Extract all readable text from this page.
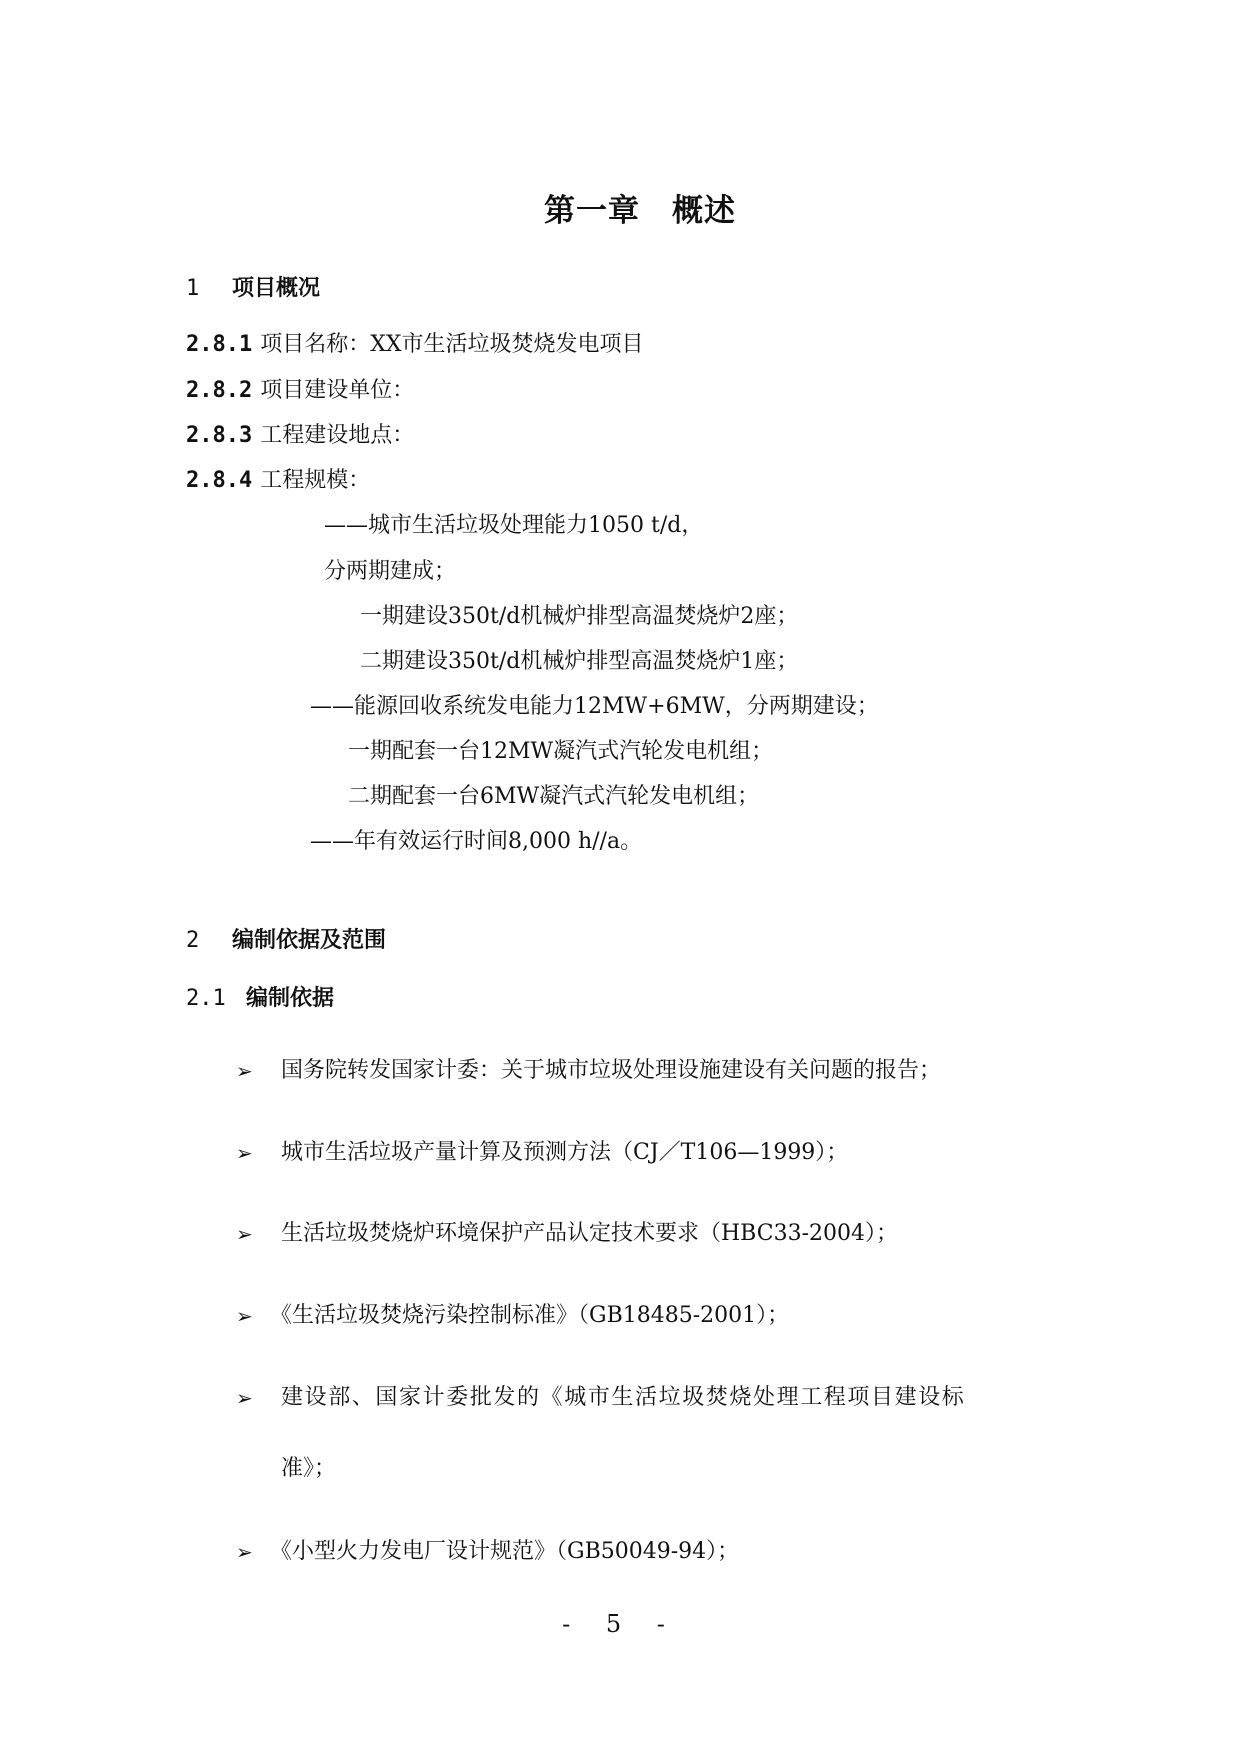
第一章 概述
1 项目概况
2.8.1 项目名称：XX市生活垃圾焚烧发电项目
2.8.2 项目建设单位：
2.8.3 工程建设地点：
2.8.4 工程规模：
——城市生活垃圾处理能力1050 t/d，
分两期建成；
一期建设350t/d机械炉排型高温焚烧炉2座；
二期建设350t/d机械炉排型高温焚烧炉1座；
——能源回收系统发电能力12MW+6MW，分两期建设；
一期配套一台12MW凝汽式汽轮发电机组；
二期配套一台6MW凝汽式汽轮发电机组；
——年有效运行时间8,000 h//a。
2 编制依据及范围
2.1 编制依据
➢ 国务院转发国家计委：关于城市垃圾处理设施建设有关问题的报告；
➢ 城市生活垃圾产量计算及预测方法（CJ／T106—1999）；
➢ 生活垃圾焚烧炉环境保护产品认定技术要求（HBC33-2004）；
➢ 《生活垃圾焚烧污染控制标准》（GB18485-2001）；
➢ 建设部、国家计委批发的《城市生活垃圾焚烧处理工程项目建设标
准》；
➢ 《小型火力发电厂设计规范》（GB50049-94）；
- 5 -
